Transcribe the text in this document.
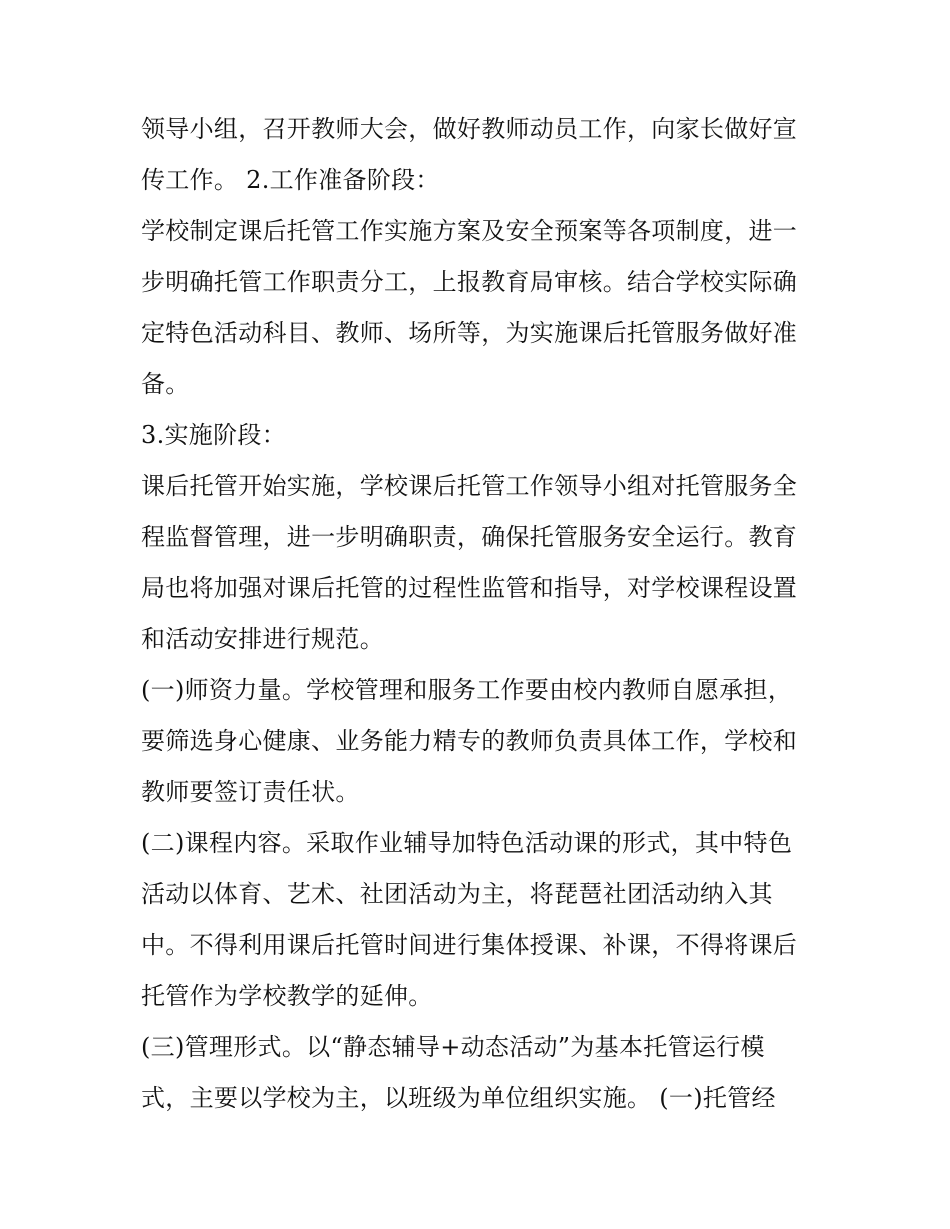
领导小组，召开教师大会，做好教师动员工作，向家长做好宣
传工作。 2.工作准备阶段：
学校制定课后托管工作实施方案及安全预案等各项制度，进一
步明确托管工作职责分工，上报教育局审核。结合学校实际确
定特色活动科目、教师、场所等，为实施课后托管服务做好准
备。
3.实施阶段：
课后托管开始实施，学校课后托管工作领导小组对托管服务全
程监督管理，进一步明确职责，确保托管服务安全运行。教育
局也将加强对课后托管的过程性监管和指导，对学校课程设置
和活动安排进行规范。
(一)师资力量。学校管理和服务工作要由校内教师自愿承担，
要筛选身心健康、业务能力精专的教师负责具体工作，学校和
教师要签订责任状。
(二)课程内容。采取作业辅导加特色活动课的形式，其中特色
活动以体育、艺术、社团活动为主，将琵琶社团活动纳入其
中。不得利用课后托管时间进行集体授课、补课，不得将课后
托管作为学校教学的延伸。
(三)管理形式。以“静态辅导+动态活动”为基本托管运行模
式，主要以学校为主，以班级为单位组织实施。 (一)托管经
